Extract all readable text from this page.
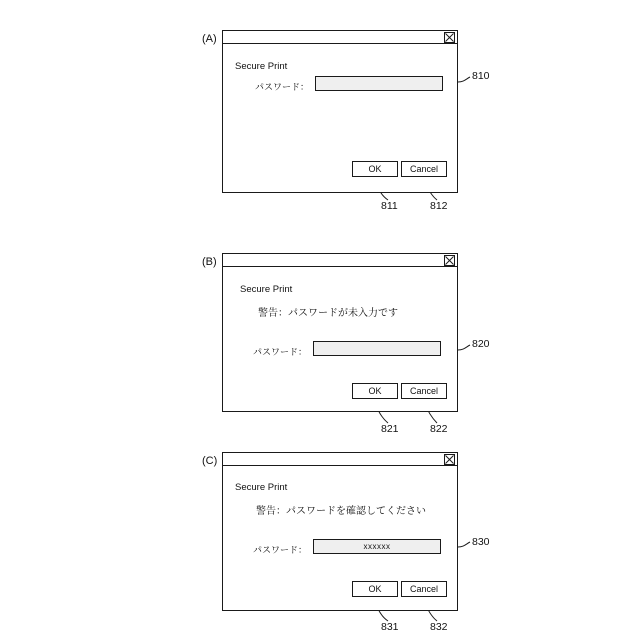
(A)
Secure Print
パスワード：
OK	Cancel
810
811	812
(B)
Secure Print
警告：パスワードが未入力です
パスワード：
OK	Cancel
820
821	822
(C)
Secure Print
警告：パスワードを確認してください
パスワード：
xxxxxx
OK	Cancel
830
831	832
